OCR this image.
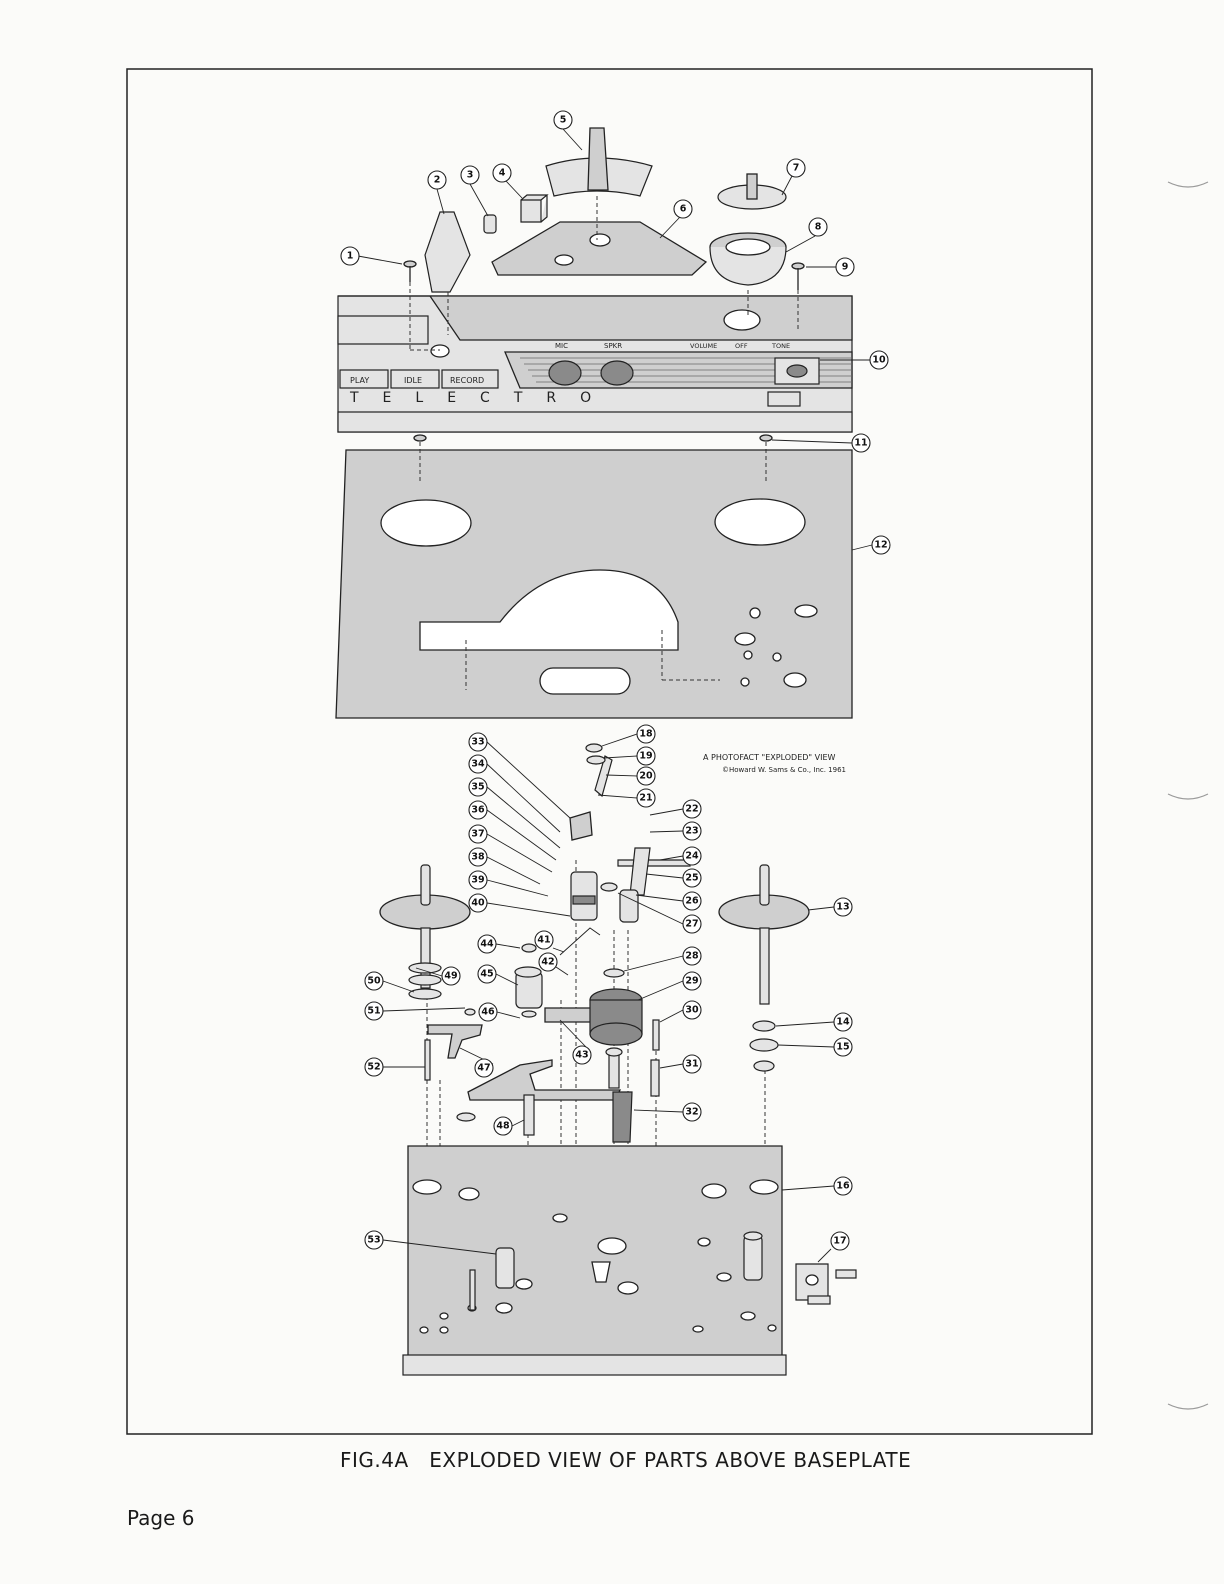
PLAY	IDLE	RECORD
MIC	SPKR	VOLUME	OFF	TONE
TELECTRO
A PHOTOFACT "EXPLODED" VIEW
©Howard W. Sams & Co., Inc. 1961
1
2	3	4
5
6
7
8
9
10
11
12
13
14
15
16
17
18
19
20
21
22
23
24
25
26
27
28
29
30
31
32
33
34
35
36
37
38
39
40
41
42
43
44
45
46
47
48
49
50
51
52
53
FIG.4A   EXPLODED VIEW OF PARTS ABOVE BASEPLATE
Page 6
